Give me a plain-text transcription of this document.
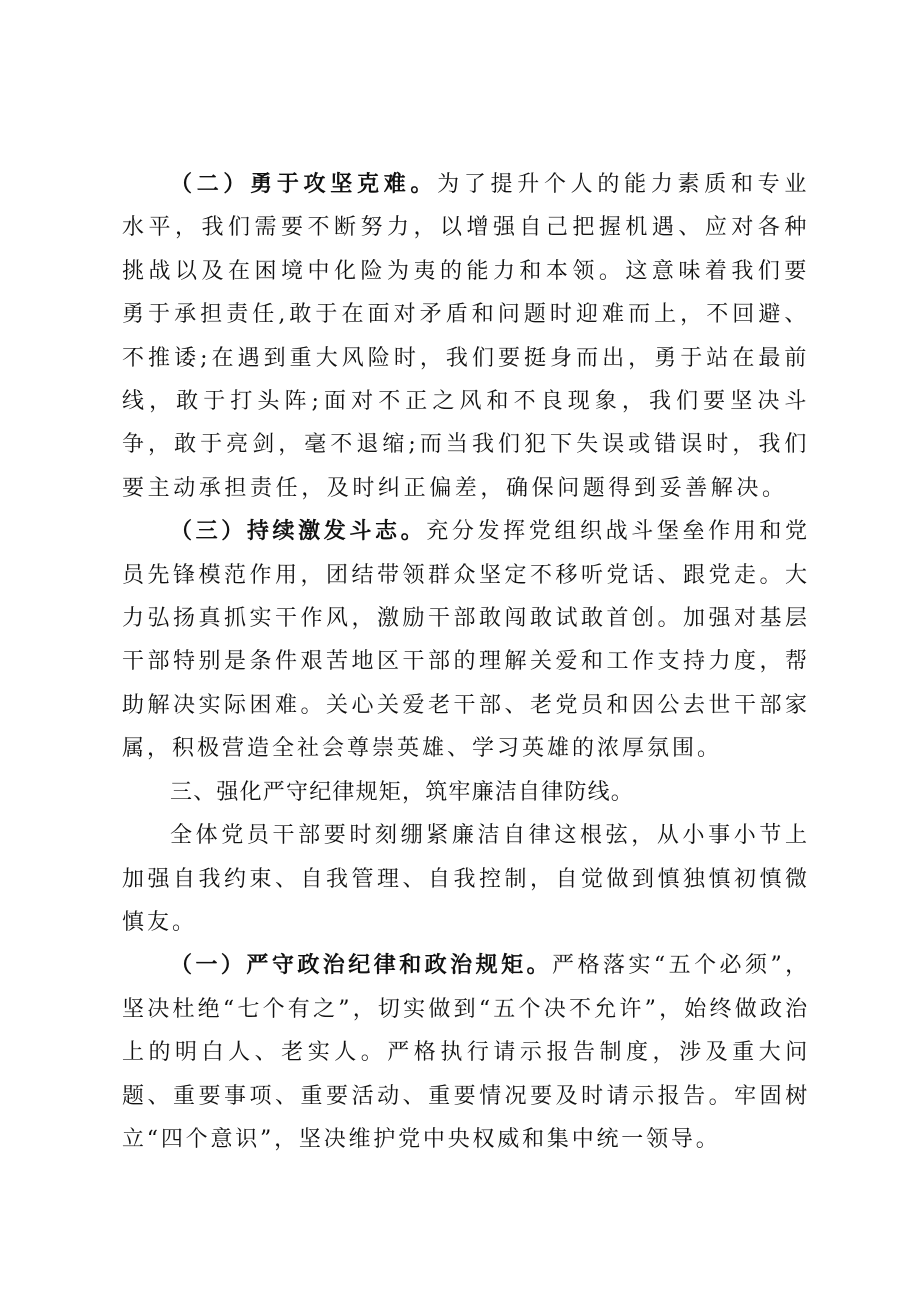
（二）勇于攻坚克难。为了提升个人的能力素质和专业水平，我们需要不断努力，以增强自己把握机遇、应对各种挑战以及在困境中化险为夷的能力和本领。这意味着我们要勇于承担责任,敢于在面对矛盾和问题时迎难而上，不回避、不推诿;在遇到重大风险时，我们要挺身而出，勇于站在最前线，敢于打头阵;面对不正之风和不良现象，我们要坚决斗争，敢于亮剑，毫不退缩;而当我们犯下失误或错误时，我们要主动承担责任，及时纠正偏差，确保问题得到妥善解决。

（三）持续激发斗志。充分发挥党组织战斗堡垒作用和党员先锋模范作用，团结带领群众坚定不移听党话、跟党走。大力弘扬真抓实干作风，激励干部敢闯敢试敢首创。加强对基层干部特别是条件艰苦地区干部的理解关爱和工作支持力度，帮助解决实际困难。关心关爱老干部、老党员和因公去世干部家属，积极营造全社会尊崇英雄、学习英雄的浓厚氛围。

三、强化严守纪律规矩，筑牢廉洁自律防线。

全体党员干部要时刻绷紧廉洁自律这根弦，从小事小节上加强自我约束、自我管理、自我控制，自觉做到慎独慎初慎微慎友。

（一）严守政治纪律和政治规矩。严格落实“五个必须”，坚决杜绝“七个有之”，切实做到“五个决不允许”，始终做政治上的明白人、老实人。严格执行请示报告制度，涉及重大问题、重要事项、重要活动、重要情况要及时请示报告。牢固树立“四个意识”，坚决维护党中央权威和集中统一领导。
